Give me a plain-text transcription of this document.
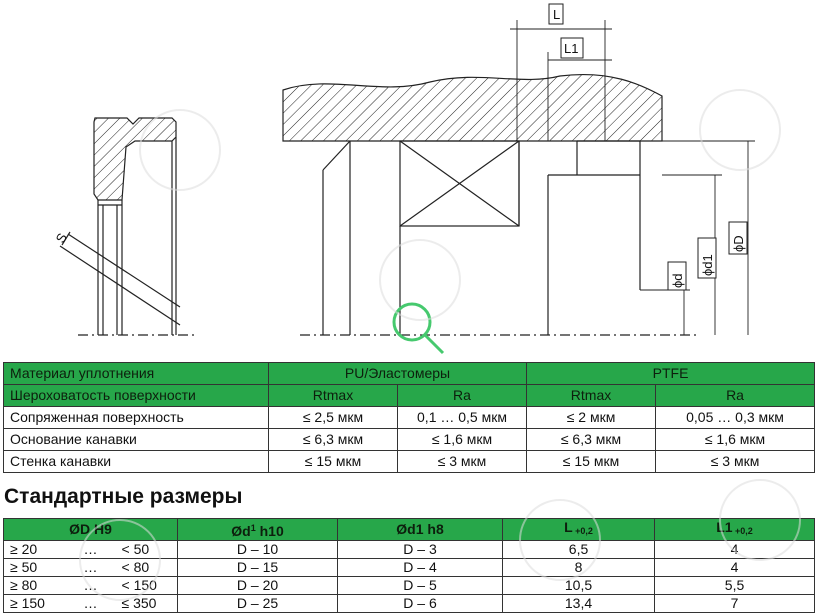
L
L1
S
ϕd
ϕd1
ϕD
Материал уплотнения	PU/Эластомеры		PTFE	
Шероховатость поверхности	Rtmax	Ra	Rtmax	Ra
Сопряженная поверхность	≤ 2,5 мкм	0,1 … 0,5 мкм	≤ 2 мкм	0,05 … 0,3 мкм
Основание канавки	≤ 6,3 мкм	≤ 1,6 мкм	≤ 6,3 мкм	≤ 1,6 мкм
Стенка канавки	≤ 15 мкм	≤ 3 мкм	≤ 15 мкм	≤ 3 мкм
Стандартные размеры
ØD H9			$Ød^1$ h10	Ød1 h8	L $_{+0,2}$	L1 $_{+0,2}$
≥ 20	…	< 50	D – 10	D – 3	6,5	4
≥ 50	…	< 80	D – 15	D – 4	8	4
≥ 80	…	< 150	D – 20	D – 5	10,5	5,5
≥ 150	…	≤ 350	D – 25	D – 6	13,4	7
